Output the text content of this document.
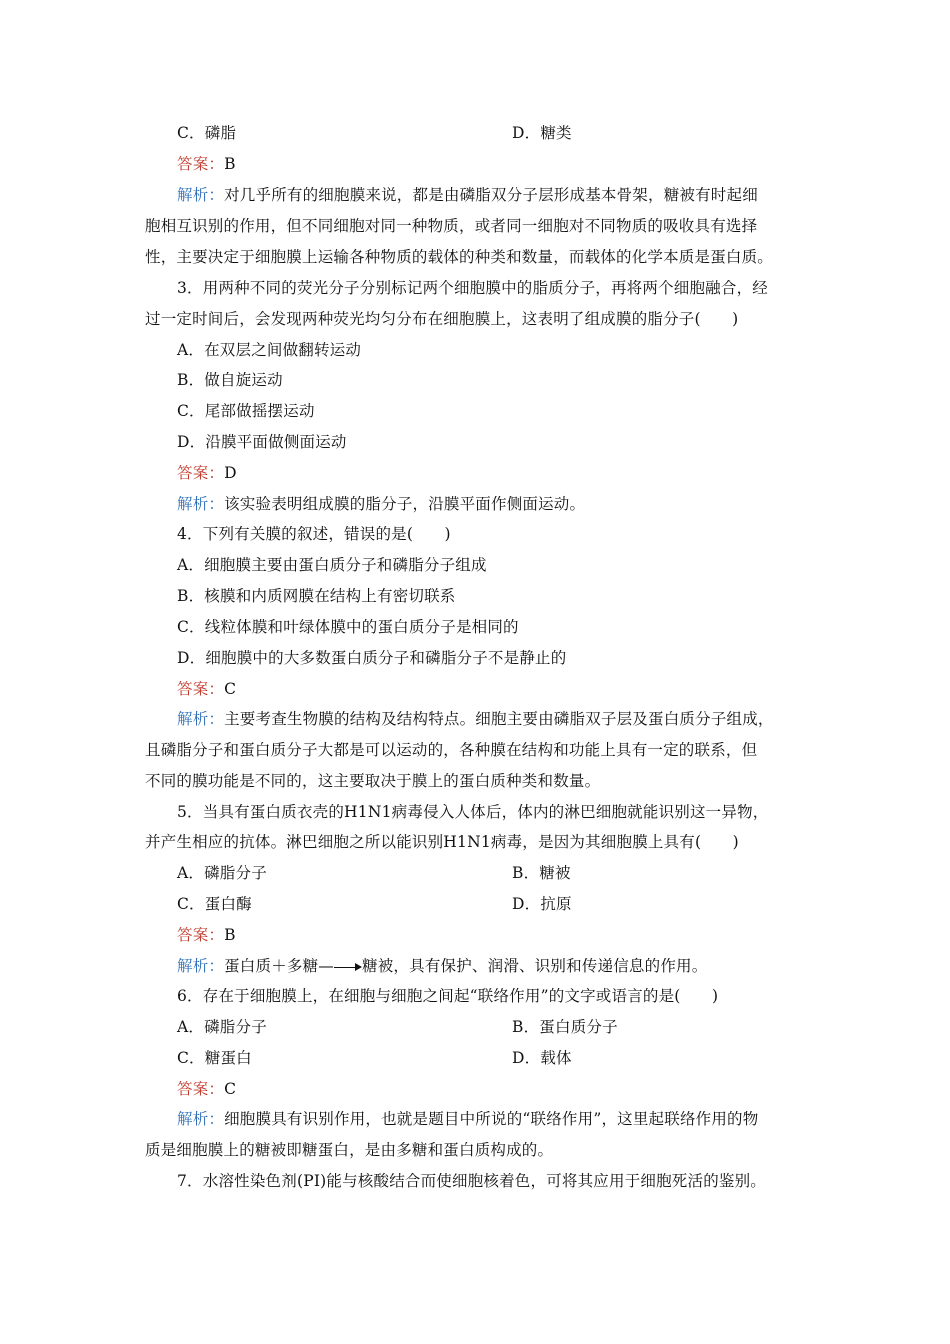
C．磷脂	D．糖类
答案：B
解析：对几乎所有的细胞膜来说，都是由磷脂双分子层形成基本骨架，糖被有时起细
胞相互识别的作用，但不同细胞对同一种物质，或者同一细胞对不同物质的吸收具有选择
性，主要决定于细胞膜上运输各种物质的载体的种类和数量，而载体的化学本质是蛋白质。
3．用两种不同的荧光分子分别标记两个细胞膜中的脂质分子，再将两个细胞融合，经
过一定时间后，会发现两种荧光均匀分布在细胞膜上，这表明了组成膜的脂分子(　　)
A．在双层之间做翻转运动
B．做自旋运动
C．尾部做摇摆运动
D．沿膜平面做侧面运动
答案：D
解析：该实验表明组成膜的脂分子，沿膜平面作侧面运动。
4．下列有关膜的叙述，错误的是(　　)
A．细胞膜主要由蛋白质分子和磷脂分子组成
B．核膜和内质网膜在结构上有密切联系
C．线粒体膜和叶绿体膜中的蛋白质分子是相同的
D．细胞膜中的大多数蛋白质分子和磷脂分子不是静止的
答案：C
解析：主要考查生物膜的结构及结构特点。细胞主要由磷脂双子层及蛋白质分子组成，
且磷脂分子和蛋白质分子大都是可以运动的，各种膜在结构和功能上具有一定的联系，但
不同的膜功能是不同的，这主要取决于膜上的蛋白质种类和数量。
5．当具有蛋白质衣壳的H1N1病毒侵入人体后，体内的淋巴细胞就能识别这一异物，
并产生相应的抗体。淋巴细胞之所以能识别H1N1病毒，是因为其细胞膜上具有(　　)
A．磷脂分子	B．糖被
C．蛋白酶	D．抗原
答案：B
解析：蛋白质＋多糖— 糖被，具有保护、润滑、识别和传递信息的作用。
6．存在于细胞膜上，在细胞与细胞之间起“联络作用”的文字或语言的是(　　)
A．磷脂分子	B．蛋白质分子
C．糖蛋白	D．载体
答案：C
解析：细胞膜具有识别作用，也就是题目中所说的“联络作用”，这里起联络作用的物
质是细胞膜上的糖被即糖蛋白，是由多糖和蛋白质构成的。
7．水溶性染色剂(PI)能与核酸结合而使细胞核着色，可将其应用于细胞死活的鉴别。
